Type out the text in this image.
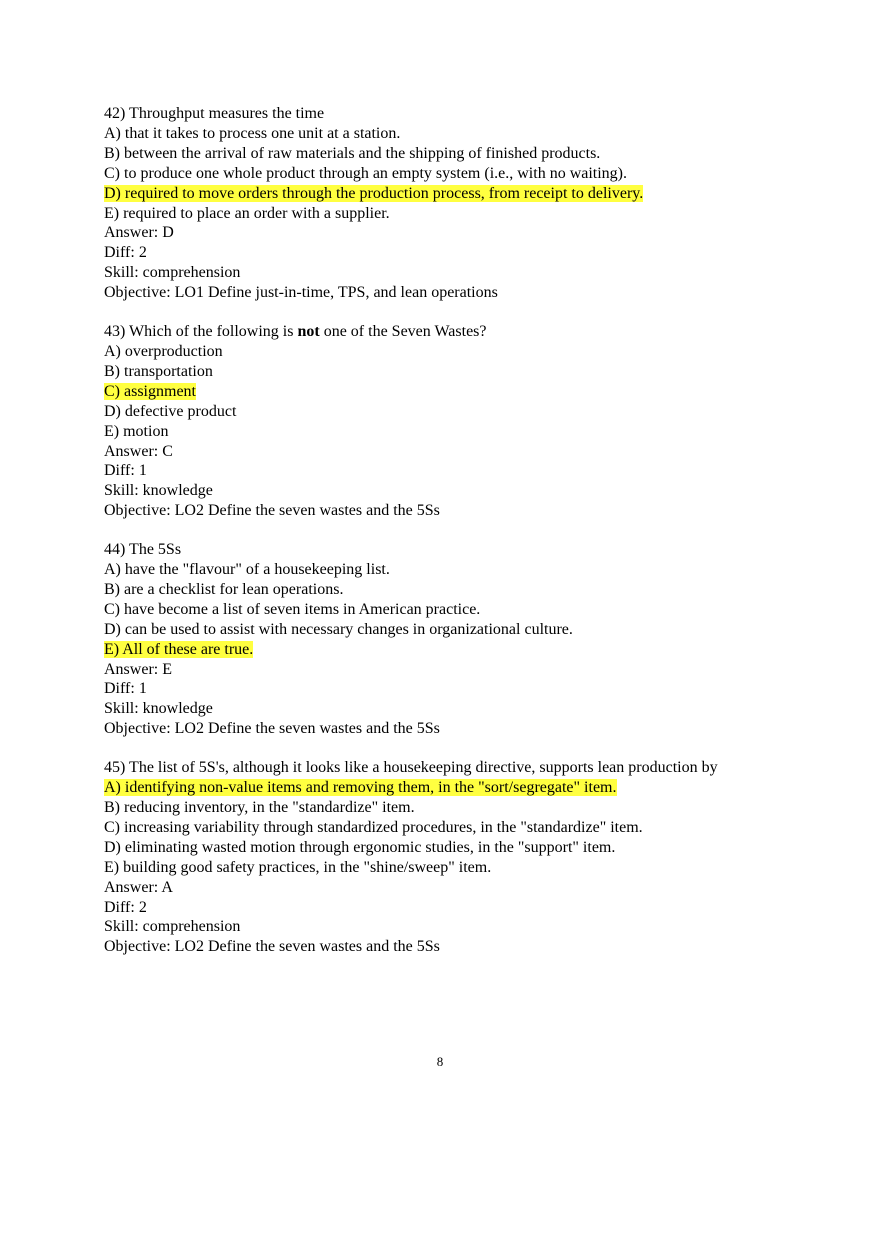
42) Throughput measures the time
A) that it takes to process one unit at a station.
B) between the arrival of raw materials and the shipping of finished products.
C) to produce one whole product through an empty system (i.e., with no waiting).
D) required to move orders through the production process, from receipt to delivery.
E) required to place an order with a supplier.
Answer: D
Diff: 2
Skill: comprehension
Objective: LO1 Define just-in-time, TPS, and lean operations
43) Which of the following is not one of the Seven Wastes?
A) overproduction
B) transportation
C) assignment
D) defective product
E) motion
Answer: C
Diff: 1
Skill: knowledge
Objective: LO2 Define the seven wastes and the 5Ss
44) The 5Ss
A) have the "flavour" of a housekeeping list.
B) are a checklist for lean operations.
C) have become a list of seven items in American practice.
D) can be used to assist with necessary changes in organizational culture.
E) All of these are true.
Answer: E
Diff: 1
Skill: knowledge
Objective: LO2 Define the seven wastes and the 5Ss
45) The list of 5S's, although it looks like a housekeeping directive, supports lean production by
A) identifying non-value items and removing them, in the "sort/segregate" item.
B) reducing inventory, in the "standardize" item.
C) increasing variability through standardized procedures, in the "standardize" item.
D) eliminating wasted motion through ergonomic studies, in the "support" item.
E) building good safety practices, in the "shine/sweep" item.
Answer: A
Diff: 2
Skill: comprehension
Objective: LO2 Define the seven wastes and the 5Ss
8
